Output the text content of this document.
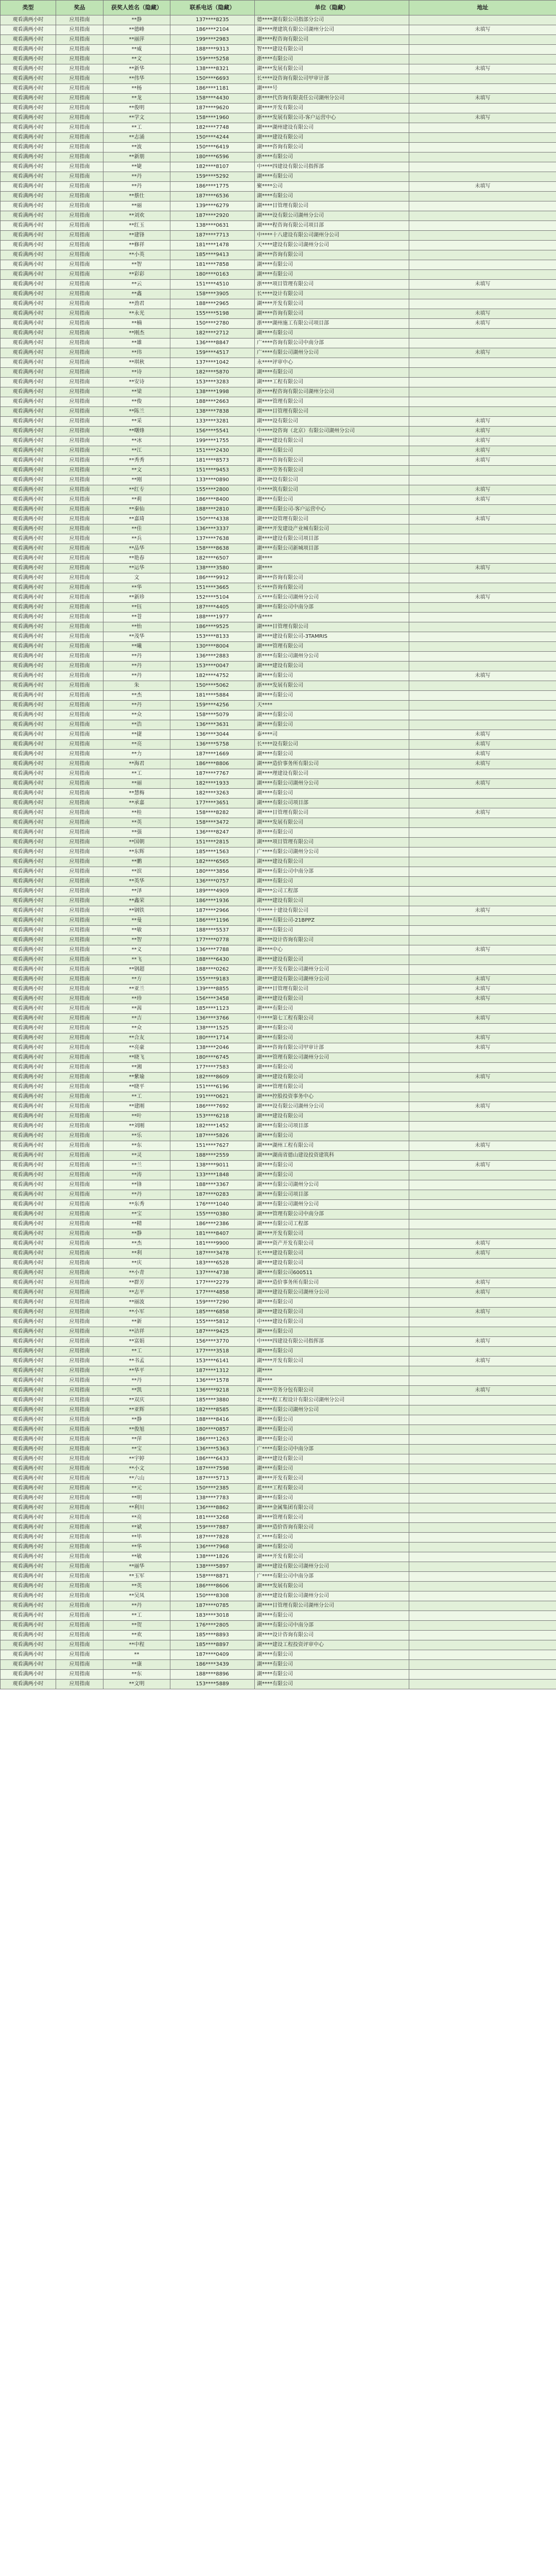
类型	奖品	获奖人姓名（隐藏）	联系电话（隐藏）	单位（隐藏）	地址
观看满两小时	应用指南	**静	137****8235	德****湖有限公司指部分公司	
观看满两小时	应用指南	**德峰	186****2104	湖****理建筑有限公司湖州分公司	未填写
观看满两小时	应用指南	**丽萍	199****2983	湖****程咨询有限公司	
观看满两小时	应用指南	**威	188****9313	智****建设有限公司	
观看满两小时	应用指南	**文	159****5258	浙****有限公司	
观看满两小时	应用指南	**新华	138****8321	湖****发展有限公司	未填写
观看满两小时	应用指南	**伟华	150****6693	长****设咨询有限公司甲审计部	
观看满两小时	应用指南	**杨	186****1181	湖****号	
观看满两小时	应用指南	**龙	158****4430	浙****代咨询有限责任公司湖州分公司	未填写
观看满两小时	应用指南	**俊明	187****9620	湖****开发有限公司	
观看满两小时	应用指南	**学文	158****1960	浙****发展有限公司-客户运营中心	未填写
观看满两小时	应用指南	**工	182****7748	湖****湖州建设有限公司	
观看满两小时	应用指南	**志涌	150****4244	湖****建设有限公司	
观看满两小时	应用指南	**波	150****6419	湖****咨询有限公司	
观看满两小时	应用指南	**新朋	180****6596	浙****有限公司	
观看满两小时	应用指南	**婕	182****8107	中****四建设有限公司指挥部	
观看满两小时	应用指南	**丹	159****5292	湖****有限公司	
观看满两小时	应用指南	**丹	186****1775	聚****公司	未填写
观看满两小时	应用指南	**蔡仕	187****6536	湖****有限公司	
观看满两小时	应用指南	**丽	139****6279	湖****目管理有限公司	
观看满两小时	应用指南	**刘欢	187****2920	湖****设有限公司湖州分公司	
观看满两小时	应用指南	**红玉	138****0631	湖****程咨询有限公司项目部	
观看满两小时	应用指南	**建锋	187****7713	中****十八建设有限公司湖州分公司	
观看满两小时	应用指南	**修祥	181****1478	天****建设有限公司湖州分公司	
观看满两小时	应用指南	**小英	185****9413	湖****咨询有限公司	
观看满两小时	应用指南	**智	181****7858	湖****有限公司	
观看满两小时	应用指南	**彩彩	180****0163	湖****有限公司	
观看满两小时	应用指南	**云	151****4510	浙****项目管理有限公司	未填写
观看满两小时	应用指南	**鑫	158****3905	长****设计有限公司	
观看满两小时	应用指南	**劲君	188****2965	湖****开发有限公司	
观看满两小时	应用指南	**永光	155****5198	湖****咨询有限公司	未填写
观看满两小时	应用指南	**楠	150****2780	浙****湖州施工有限公司项目部	未填写
观看满两小时	应用指南	**刚杰	182****2712	湖****有限公司	
观看满两小时	应用指南	**雄	136****8847	广****咨询有限公司中南分部	
观看满两小时	应用指南	**玮	159****4517	广****有限公司湖州分公司	未填写
观看满两小时	应用指南	**琪秋	137****1042	永****评审中心	
观看满两小时	应用指南	**诗	182****5870	湖****有限公司	
观看满两小时	应用指南	**安诗	153****3283	湖****工程有限公司	
观看满两小时	应用指南	**梁	138****1998	浙****程咨询有限公司湖州分公司	
观看满两小时	应用指南	**俊	188****2663	湖****管理有限公司	
观看满两小时	应用指南	**陈兰	138****7838	湖****目管理有限公司	
观看满两小时	应用指南	**采	133****3281	湖****设有限公司	未填写
观看满两小时	应用指南	**曙烽	156****5541	中****设咨询（北京）有限公司湖州分公司	未填写
观看满两小时	应用指南	**冰	199****1755	湖****建设有限公司	未填写
观看满两小时	应用指南	**江	151****2430	湖****有限公司	未填写
观看满两小时	应用指南	**秀秀	181****8573	湖****咨询有限公司	未填写
观看满两小时	应用指南	**文	151****9453	浙****劳务有限公司	
观看满两小时	应用指南	**刚	133****0890	湖****设有限公司	
观看满两小时	应用指南	**红专	155****2800	中****筑有限公司	未填写
观看满两小时	应用指南	**莉	186****8400	湖****有限公司	未填写
观看满两小时	应用指南	**秦仙	188****2810	湖****有限公司-客户运营中心	
观看满两小时	应用指南	**嘉琦	150****4338	湖****设管理有限公司	未填写
观看满两小时	应用指南	**佳	136****3337	湖****开发建设产业城有限公司	
观看满两小时	应用指南	**兵	137****7638	湖****建设有限公司项目部	
观看满两小时	应用指南	**品华	158****8638	湖****有限公司新城项目部	
观看满两小时	应用指南	**艳春	182****6507	湖****	
观看满两小时	应用指南	**运华	138****3580	湖****	未填写
观看满两小时	应用指南	文	186****9912	湖****咨询有限公司	
观看满两小时	应用指南	**华	151****3665	长****咨询有限公司	
观看满两小时	应用指南	**新珍	152****5104	五****有限公司湖州分公司	未填写
观看满两小时	应用指南	**钰	187****4405	湖****有限公司中南分部	
观看满两小时	应用指南	**苍	188****1977	森****	
观看满两小时	应用指南	**怡	186****9525	湖****目管理有限公司	
观看满两小时	应用指南	**茂华	153****8133	湖****建设有限公司-3TAMRIS	
观看满两小时	应用指南	**曦	130****8004	湖****管理有限公司	
观看满两小时	应用指南	**丹	136****2883	浙****有限公司湖州分公司	
观看满两小时	应用指南	**丹	153****0047	湖****建设有限公司	
观看满两小时	应用指南	**丹	182****4752	湖****有限公司	未填写
观看满两小时	应用指南	朱	150****5062	浙****发展有限公司	
观看满两小时	应用指南	**杰	181****5884	湖****有限公司	
观看满两小时	应用指南	**丹	159****4256	天****	
观看满两小时	应用指南	**众	158****5079	湖****有限公司	
观看满两小时	应用指南	**浩	136****3631	湖****有限公司	
观看满两小时	应用指南	**捷	136****3044	泰****司	未填写
观看满两小时	应用指南	**亮	136****5758	长****设有限公司	未填写
观看满两小时	应用指南	**力	187****1669	湖****有限公司	未填写
观看满两小时	应用指南	**海君	186****8806	湖****造价事务所有限公司	未填写
观看满两小时	应用指南	**工	187****7767	湖****理建设有限公司	
观看满两小时	应用指南	**丽	182****1933	湖****有限公司湖州分公司	未填写
观看满两小时	应用指南	**慧梅	182****3263	湖****有限公司	
观看满两小时	应用指南	**承嘉	177****3651	湖****有限公司项目部	
观看满两小时	应用指南	**桂	158****8282	湖****目管理有限公司	未填写
观看满两小时	应用指南	**英	158****3472	湖****发展有限公司	
观看满两小时	应用指南	**强	136****8247	浙****有限公司	
观看满两小时	应用指南	**国朝	151****2815	湖****项目管理有限公司	
观看满两小时	应用指南	**东辉	185****1563	广****有限公司湖州分公司	
观看满两小时	应用指南	**鹏	182****6565	湖****建设有限公司	
观看满两小时	应用指南	**滨	180****3856	湖****有限公司中南分部	
观看满两小时	应用指南	**英华	136****0757	湖****有限公司	
观看满两小时	应用指南	**泽	189****4909	湖****公司工程部	
观看满两小时	应用指南	**鑫荣	186****1936	湖****建设有限公司	
观看满两小时	应用指南	**钢铁	187****2966	中****十建设有限公司	未填写
观看满两小时	应用指南	**曼	186****1196	湖****有限公司-21BPPZ	
观看满两小时	应用指南	**敏	188****5537	湖****有限公司	
观看满两小时	应用指南	**智	177****0778	湖****设计咨询有限公司	
观看满两小时	应用指南	**义	136****7788	湖****中心	未填写
观看满两小时	应用指南	**飞	188****6430	湖****建设有限公司	
观看满两小时	应用指南	**钢超	188****0262	湖****开发有限公司湖州分公司	
观看满两小时	应用指南	**方	155****9183	湖****建设有限公司湖州分公司	未填写
观看满两小时	应用指南	**亚兰	139****8855	湖****目管理有限公司	未填写
观看满两小时	应用指南	**珍	156****3458	湖****建设有限公司	未填写
观看满两小时	应用指南	**茜	185****1123	湖****有限公司	
观看满两小时	应用指南	**吉	136****3766	中****第七工程有限公司	未填写
观看满两小时	应用指南	**众	138****1525	湖****有限公司	
观看满两小时	应用指南	**合友	180****1714	湖****有限公司	未填写
观看满两小时	应用指南	**亮豪	138****2046	湖****咨询有限公司甲审计部	未填写
观看满两小时	应用指南	**晓飞	180****6745	湖****管理有限公司湖州分公司	
观看满两小时	应用指南	**湘	177****7583	湖****有限公司	
观看满两小时	应用指南	**紫瑜	182****8609	湖****建设有限公司	未填写
观看满两小时	应用指南	**晓平	151****6196	湖****管理有限公司	
观看满两小时	应用指南	**工	191****0621	湖****控股投资事务中心	
观看满两小时	应用指南	**建刚	186****7692	湖****设有限公司湖州分公司	未填写
观看满两小时	应用指南	**叶	153****6218	湖****建设有限公司	
观看满两小时	应用指南	**刘刚	182****1452	湖****有限公司项目部	
观看满两小时	应用指南	**乐	187****5826	湖****有限公司	
观看满两小时	应用指南	**东	151****7627	湖****湖州工程有限公司	未填写
观看满两小时	应用指南	**灵	188****2559	湖****湖南省德山建设投资建筑科	
观看满两小时	应用指南	**兰	138****9011	湖****有限公司	未填写
观看满两小时	应用指南	**涛	133****1848	湖****有限公司	
观看满两小时	应用指南	**锋	188****3367	湖****有限公司湖州分公司	
观看满两小时	应用指南	**丹	187****0283	湖****有限公司项目部	
观看满两小时	应用指南	**东秀	176****1040	湖****有限公司湖州分公司	
观看满两小时	应用指南	**宝	155****0380	湖****管理有限公司中南分部	
观看满两小时	应用指南	**精	186****2386	湖****有限公司工程部	
观看满两小时	应用指南	**静	181****8407	湖****开发有限公司	
观看满两小时	应用指南	**杰	181****9900	湖****资产开发有限公司	未填写
观看满两小时	应用指南	**利	187****3478	长****建设有限公司	未填写
观看满两小时	应用指南	**庆	183****6528	湖****建设有限公司	
观看满两小时	应用指南	**小青	137****4738	湖****有限公司600511	
观看满两小时	应用指南	**群芳	177****2279	湖****造价事务所有限公司	未填写
观看满两小时	应用指南	**志平	177****4858	湖****建设有限公司湖州分公司	未填写
观看满两小时	应用指南	**丽波	159****7290	湖****有限公司	
观看满两小时	应用指南	**小军	185****6858	湖****建设有限公司	未填写
观看满两小时	应用指南	**新	155****5812	中****建设有限公司	
观看满两小时	应用指南	**洁祥	187****9425	湖****有限公司	
观看满两小时	应用指南	**富娟	156****3770	中****四建设有限公司指挥部	未填写
观看满两小时	应用指南	**工	177****3518	湖****有限公司	
观看满两小时	应用指南	**书孟	153****6141	湖****开发有限公司	未填写
观看满两小时	应用指南	**华平	187****1312	湖****	
观看满两小时	应用指南	**丹	136****1578	湖****	
观看满两小时	应用指南	**凯	136****9218	深****劳务分包有限公司	未填写
观看满两小时	应用指南	**双庆	185****3880	北****程工程设计有限公司湖州分公司	
观看满两小时	应用指南	**亚辉	182****8585	湖****有限公司湖州分公司	
观看满两小时	应用指南	**静	188****8416	湖****有限公司	
观看满两小时	应用指南	**俊旭	180****0857	湖****有限公司	
观看满两小时	应用指南	**萍	186****1263	湖****有限公司	
观看满两小时	应用指南	**宝	136****5363	广****有限公司中南分部	
观看满两小时	应用指南	**宇婷	186****6433	湖****建设有限公司	
观看满两小时	应用指南	**小文	187****7598	湖****有限公司	
观看满两小时	应用指南	**六山	187****5713	湖****开发有限公司	
观看满两小时	应用指南	**元	150****2385	蓝****工程有限公司	
观看满两小时	应用指南	**明	138****7783	湖****有限公司	
观看满两小时	应用指南	**利川	136****8862	湖****金属集团有限公司	
观看满两小时	应用指南	**亮	181****3268	湖****管理有限公司	
观看满两小时	应用指南	**斌	159****7887	湖****造价咨询有限公司	
观看满两小时	应用指南	**毕	187****7828	汇****有限公司	
观看满两小时	应用指南	**华	136****7968	湖****有限公司	
观看满两小时	应用指南	**敏	138****1826	湖****开发有限公司	
观看满两小时	应用指南	**丽华	138****5897	湖****建设有限公司湖州分公司	
观看满两小时	应用指南	**玉军	158****8871	广****有限公司中南分部	
观看满两小时	应用指南	**英	186****8606	湖****发展有限公司	
观看满两小时	应用指南	**吴凤	150****8308	浙****建设有限公司湖州分公司	
观看满两小时	应用指南	**丹	187****0785	湖****目管理有限公司湖州分公司	
观看满两小时	应用指南	**工	183****3018	湖****有限公司	
观看满两小时	应用指南	**贺	176****2805	湖****有限公司中南分部	
观看满两小时	应用指南	**欢	185****8893	湖****设计咨询有限公司	
观看满两小时	应用指南	**中程	185****8897	湖****建设工程投资评审中心	
观看满两小时	应用指南	**	187****0409	湖****有限公司	
观看满两小时	应用指南	**康	186****3439	湖****有限公司	
观看满两小时	应用指南	**东	188****8896	湖****有限公司	
观看满两小时	应用指南	**文明	153****5889	湖****有限公司	
